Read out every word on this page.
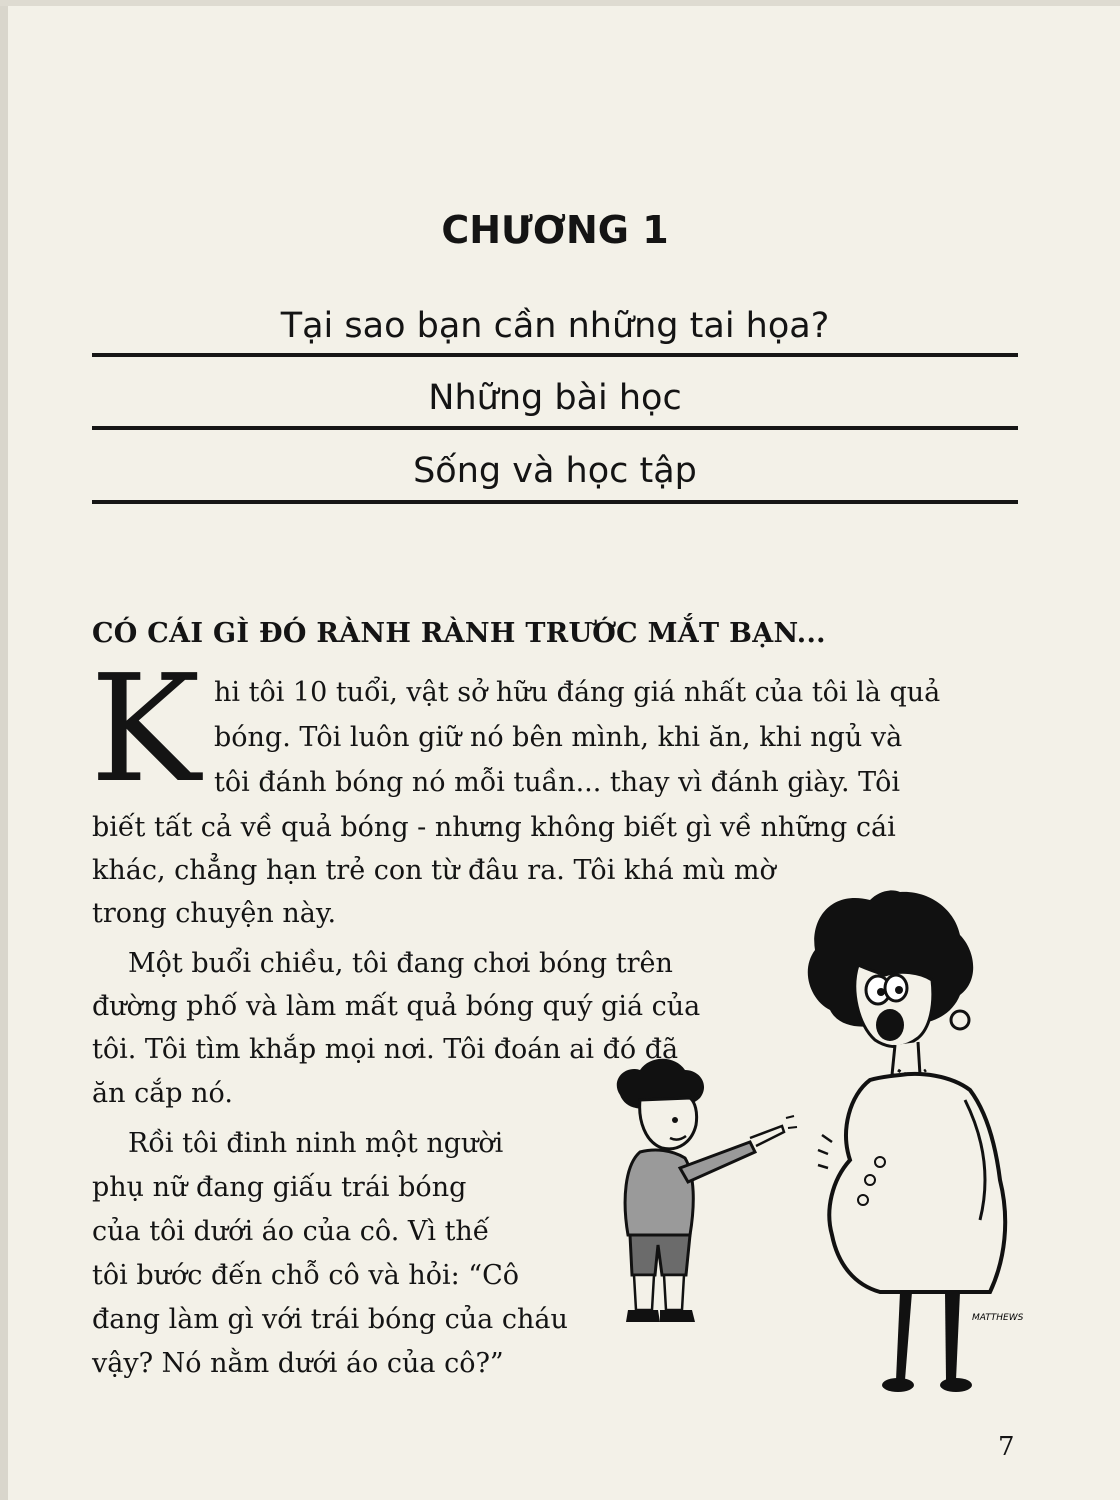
CHƯƠNG 1
Tại sao bạn cần những tai họa?
Những bài học
Sống và học tập
CÓ CÁI GÌ ĐÓ RÀNH RÀNH TRƯỚC MẮT BẠN...
K hi tôi 10 tuổi, vật sở hữu đáng giá nhất của tôi là quả
bóng. Tôi luôn giữ nó bên mình, khi ăn, khi ngủ và
tôi đánh bóng nó mỗi tuần... thay vì đánh giày. Tôi
biết tất cả về quả bóng - nhưng không biết gì về những cái
khác, chẳng hạn trẻ con từ đâu ra. Tôi khá mù mờ
trong chuyện này.
Một buổi chiều, tôi đang chơi bóng trên
đường phố và làm mất quả bóng quý giá của
tôi. Tôi tìm khắp mọi nơi. Tôi đoán ai đó đã
ăn cắp nó.
Rồi tôi đinh ninh một người
phụ nữ đang giấu trái bóng
của tôi dưới áo của cô. Vì thế
tôi bước đến chỗ cô và hỏi: “Cô
đang làm gì với trái bóng của cháu
vậy? Nó nằm dưới áo của cô?”
MATTHEWS
7
